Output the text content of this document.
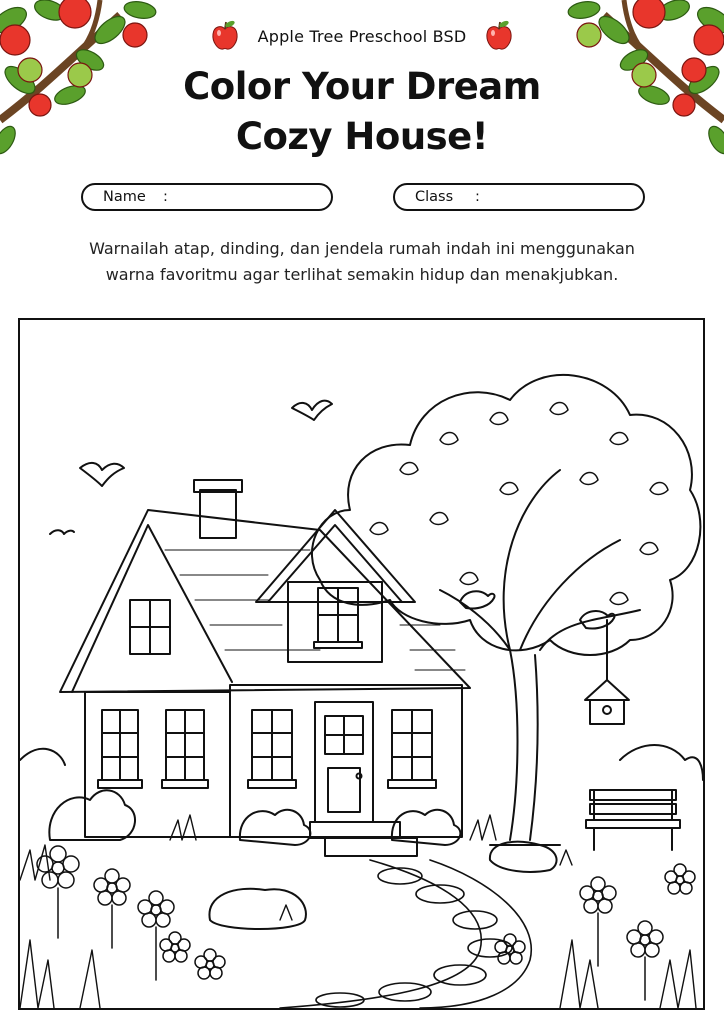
Apple Tree Preschool BSD
Color Your Dream
Cozy House!
Name	:	Class	:
Warnailah atap, dinding, dan jendela rumah indah ini menggunakan
warna favoritmu agar terlihat semakin hidup dan menakjubkan.
